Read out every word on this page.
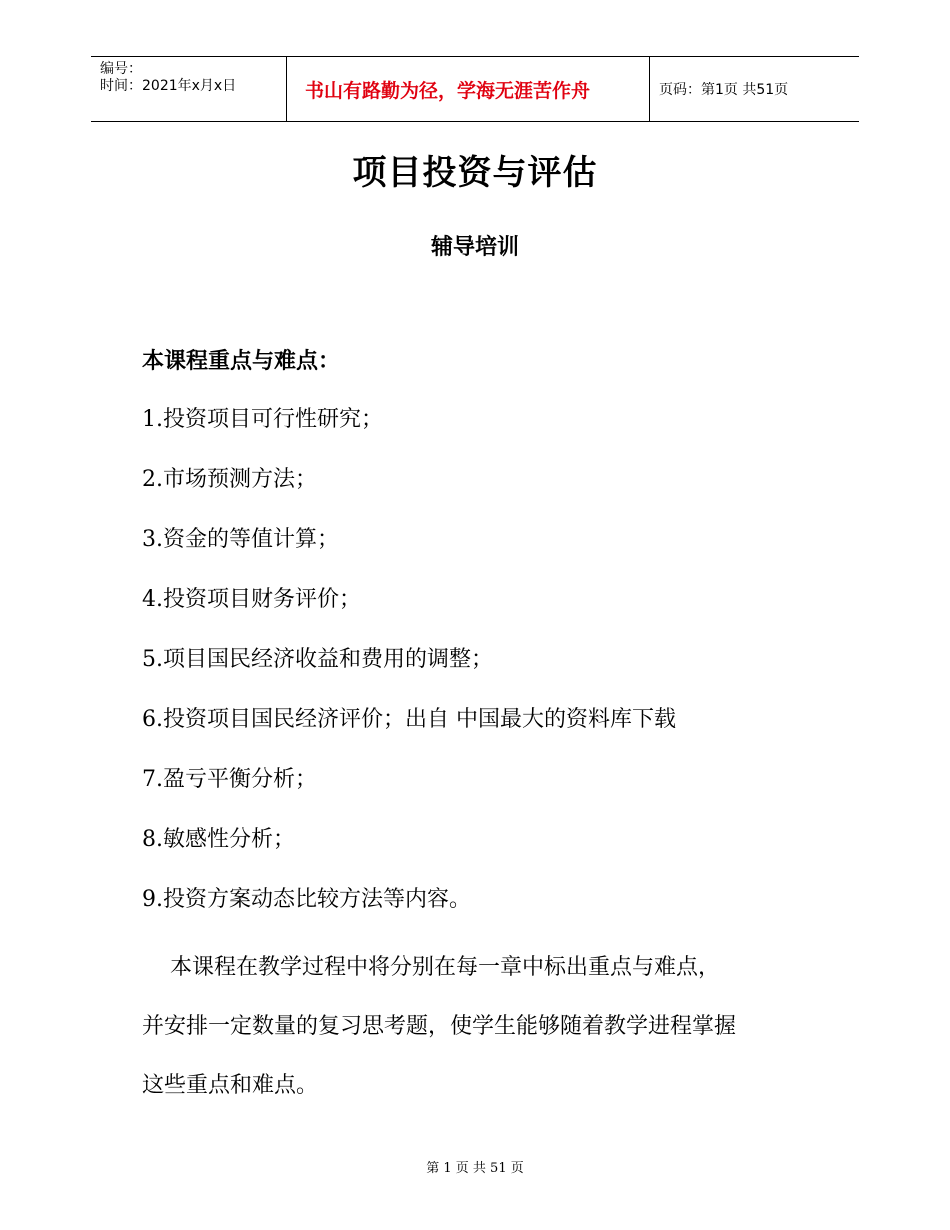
编号：
时间：2021年x月x日	书山有路勤为径，学海无涯苦作舟	页码：第1页 共51页
项目投资与评估
辅导培训
本课程重点与难点：
1.投资项目可行性研究；
2.市场预测方法；
3.资金的等值计算；
4.投资项目财务评价；
5.项目国民经济收益和费用的调整；
6.投资项目国民经济评价；出自 中国最大的资料库下载
7.盈亏平衡分析；
8.敏感性分析；
9.投资方案动态比较方法等内容。
本课程在教学过程中将分别在每一章中标出重点与难点，
并安排一定数量的复习思考题，使学生能够随着教学进程掌握
这些重点和难点。
第 1 页 共 51 页
